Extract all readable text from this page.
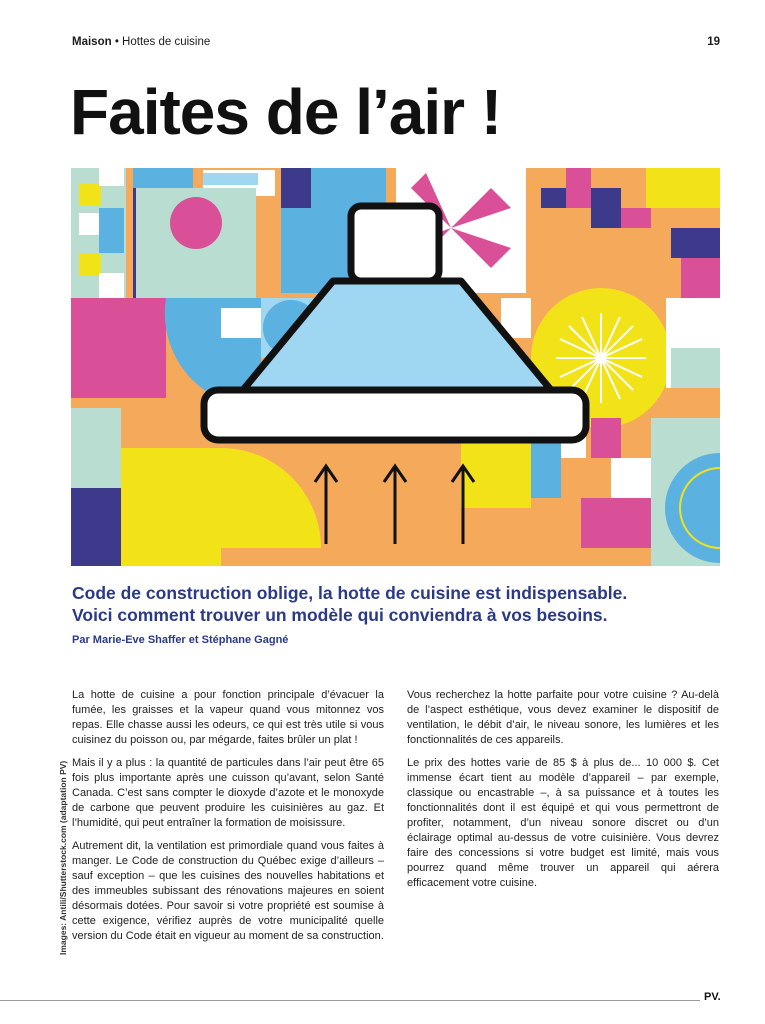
Maison • Hottes de cuisine	19
Faites de l’air !
Images: Antili/Shutterstock.com (adaptation PV)
Code de construction oblige, la hotte de cuisine est indispensable.
Voici comment trouver un modèle qui conviendra à vos besoins.
Par Marie-Eve Shaffer et Stéphane Gagné

La hotte de cuisine a pour fonction principale d’évacuer la fumée, les graisses et la vapeur quand vous mitonnez vos repas. Elle chasse aussi les odeurs, ce qui est très utile si vous cuisinez du poisson ou, par mégarde, faites brûler un plat !

Mais il y a plus : la quantité de particules dans l’air peut être 65 fois plus importante après une cuisson qu’avant, selon Santé Canada. C’est sans compter le dioxyde d’azote et le monoxyde de carbone que peuvent produire les cuisinières au gaz. Et l’humidité, qui peut entraîner la formation de moisissure.

Autrement dit, la ventilation est primordiale quand vous faites à manger. Le Code de construction du Québec exige d’ailleurs – sauf exception – que les cuisines des nouvelles habitations et des immeubles subissant des rénovations majeures en soient désormais dotées. Pour savoir si votre propriété est soumise à cette exigence, vérifiez auprès de votre municipalité quelle version du Code était en vigueur au moment de sa construction.

Vous recherchez la hotte parfaite pour votre cuisine ? Au-delà de l’aspect esthétique, vous devez examiner le dispositif de ventilation, le débit d’air, le niveau sonore, les lumières et les fonctionnalités de ces appareils.

Le prix des hottes varie de 85 $ à plus de... 10 000 $. Cet immense écart tient au modèle d’appareil – par exemple, classique ou encastrable –, à sa puissance et à toutes les fonctionnalités dont il est équipé et qui vous permettront de profiter, notamment, d’un niveau sonore discret ou d’un éclairage optimal au-dessus de votre cuisinière. Vous devrez faire des concessions si votre budget est limité, mais vous pourrez quand même trouver un appareil qui aérera efficacement votre cuisine.

PV.
